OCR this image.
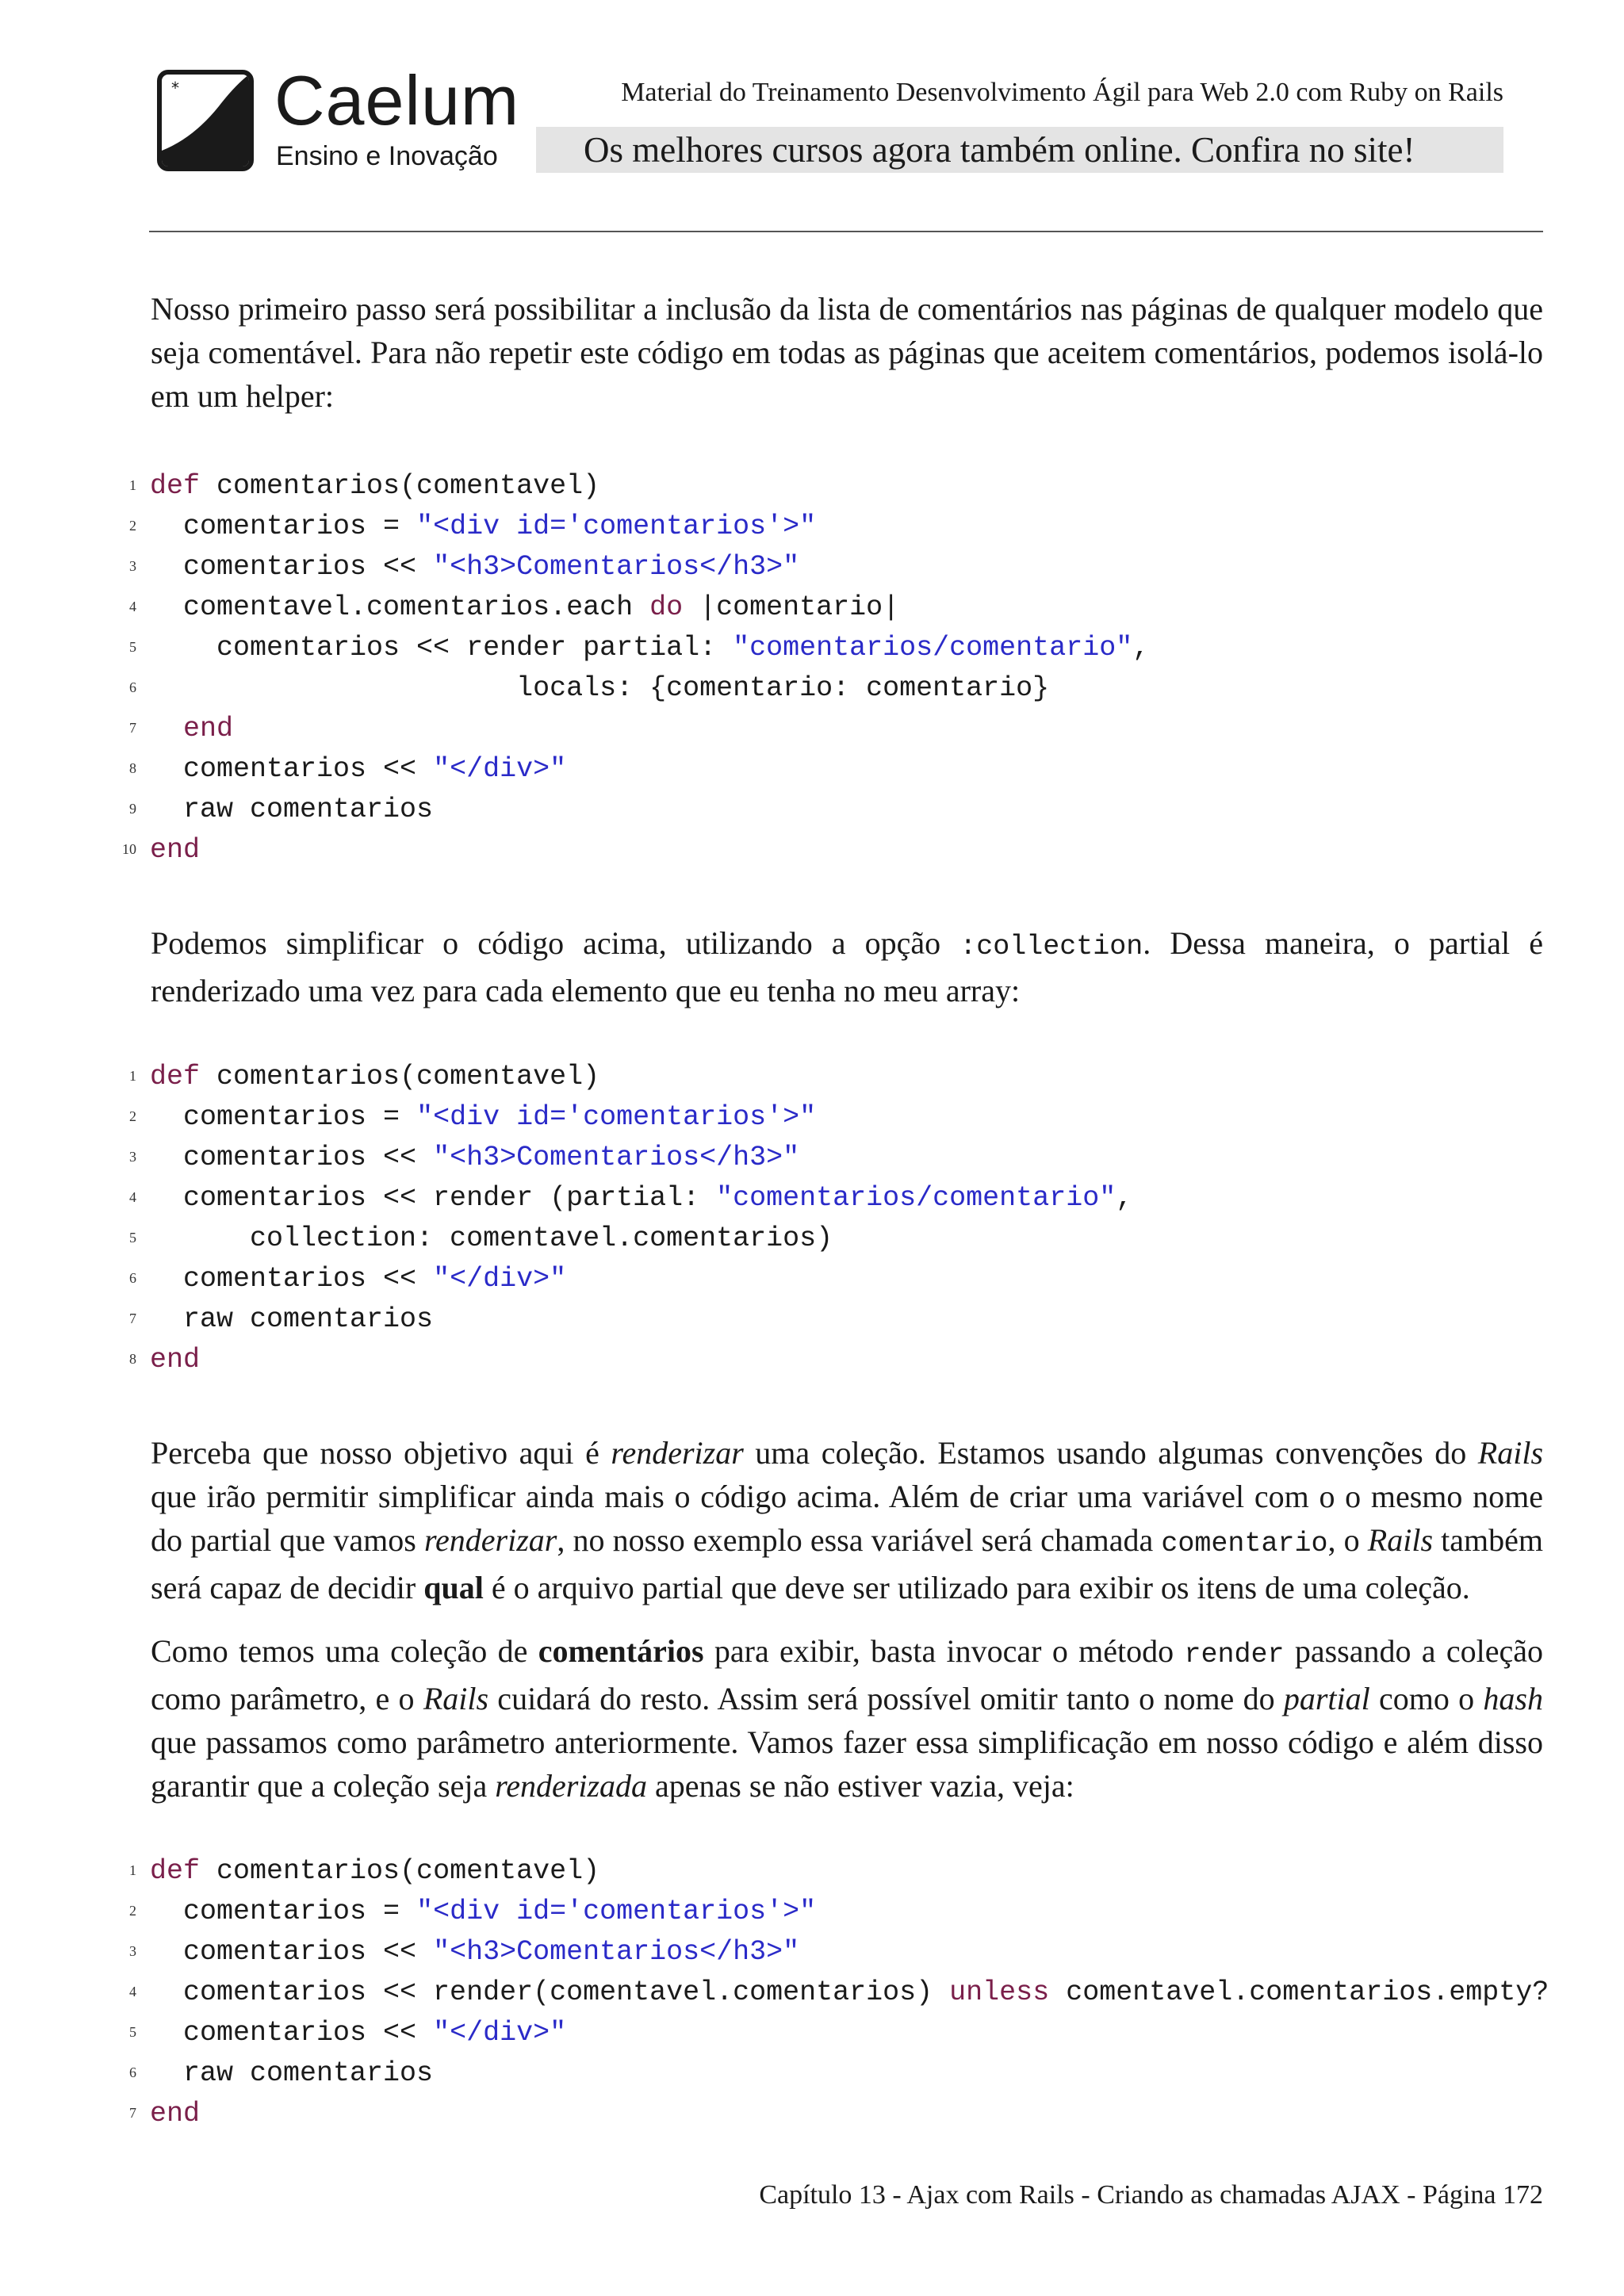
* Caelum
Ensino e Inovação
Material do Treinamento Desenvolvimento Ágil para Web 2.0 com Ruby on Rails
Os melhores cursos agora também online. Confira no site!

Nosso primeiro passo será possibilitar a inclusão da lista de comentários nas páginas de qualquer modelo que seja comentável. Para não repetir este código em todas as páginas que aceitem comentários, podemos isolá-lo em um helper:

1 def comentarios(comentavel)
2 comentarios = "<div id='comentarios'>"
3 comentarios << "<h3>Comentarios</h3>"
4 comentavel.comentarios.each do |comentario|
5 comentarios << render partial: "comentarios/comentario",
6 locals: {comentario: comentario}
7	end
8 comentarios << "</div>"
9 raw comentarios
10 end

Podemos simplificar o código acima, utilizando a opção :collection. Dessa maneira, o partial é renderizado uma vez para cada elemento que eu tenha no meu array:

1 def comentarios(comentavel)
2 comentarios = "<div id='comentarios'>"
3 comentarios << "<h3>Comentarios</h3>"
4 comentarios << render (partial: "comentarios/comentario",
5 collection: comentavel.comentarios)
6 comentarios << "</div>"
7 raw comentarios
8 end

Perceba que nosso objetivo aqui é renderizar uma coleção. Estamos usando algumas convenções do Rails que irão permitir simplificar ainda mais o código acima. Além de criar uma variável com o o mesmo nome do partial que vamos renderizar, no nosso exemplo essa variável será chamada comentario, o Rails também será capaz de decidir qual é o arquivo partial que deve ser utilizado para exibir os itens de uma coleção.

Como temos uma coleção de comentários para exibir, basta invocar o método render passando a coleção como parâmetro, e o Rails cuidará do resto. Assim será possível omitir tanto o nome do partial como o hash que passamos como parâmetro anteriormente. Vamos fazer essa simplificação em nosso código e além disso garantir que a coleção seja renderizada apenas se não estiver vazia, veja:

1 def comentarios(comentavel)
2 comentarios = "<div id='comentarios'>"
3 comentarios << "<h3>Comentarios</h3>"
4 comentarios << render(comentavel.comentarios) unless comentavel.comentarios.empty?
5 comentarios << "</div>"
6 raw comentarios
7 end
Capítulo 13 - Ajax com Rails - Criando as chamadas AJAX - Página 172
